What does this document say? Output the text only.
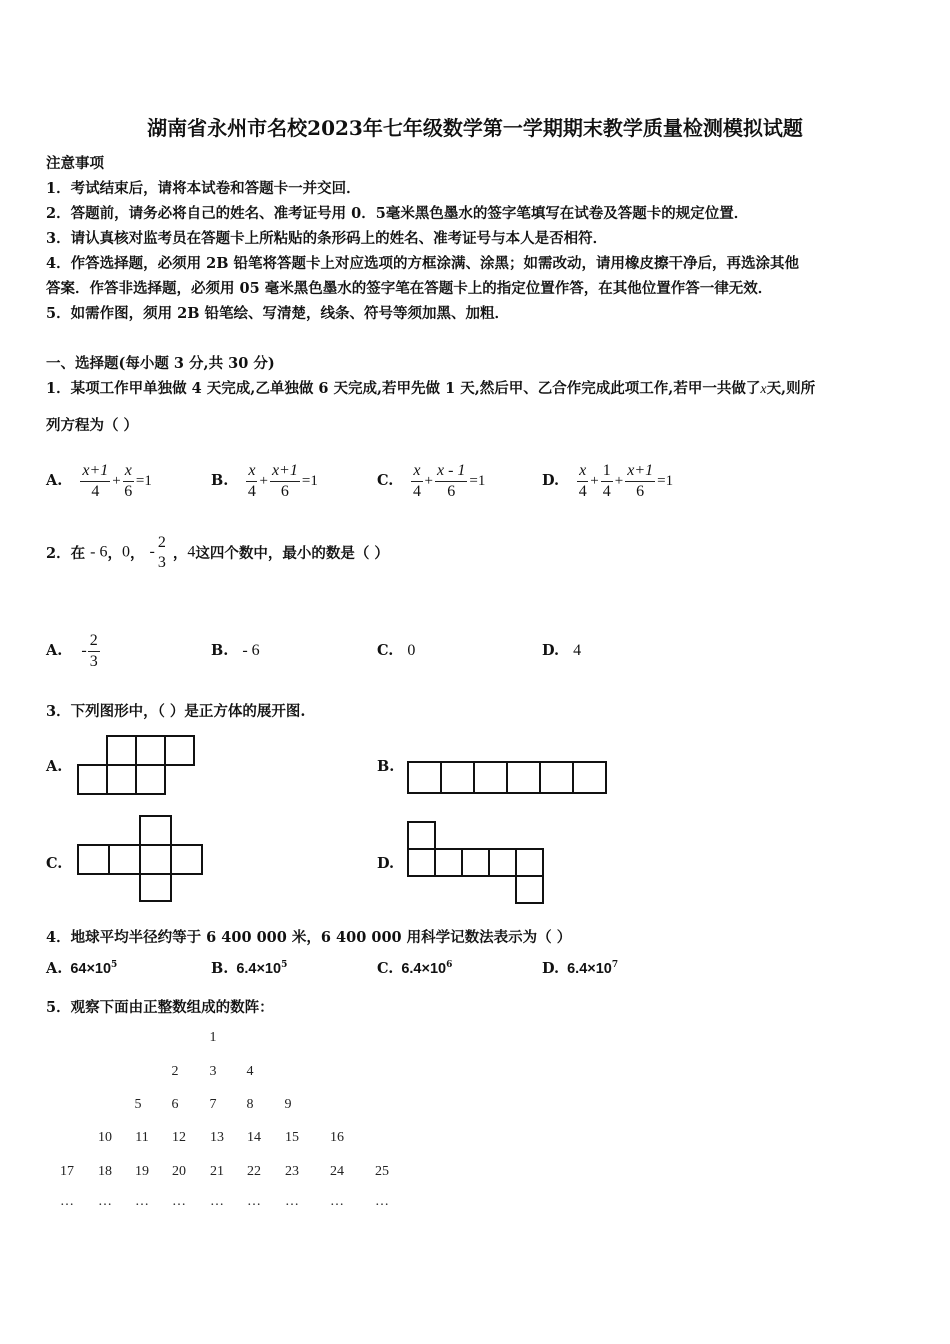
湖南省永州市名校2023年七年级数学第一学期期末教学质量检测模拟试题
注意事项
1．考试结束后，请将本试卷和答题卡一并交回．
2．答题前，请务必将自己的姓名、准考证号用 0．5毫米黑色墨水的签字笔填写在试卷及答题卡的规定位置．
3．请认真核对监考员在答题卡上所粘贴的条形码上的姓名、准考证号与本人是否相符．
4．作答选择题，必须用 2B 铅笔将答题卡上对应选项的方框涂满、涂黑；如需改动，请用橡皮擦干净后，再选涂其他
答案．作答非选择题，必须用 05 毫米黑色墨水的签字笔在答题卡上的指定位置作答，在其他位置作答一律无效．
5．如需作图，须用 2B 铅笔绘、写清楚，线条、符号等须加黑、加粗．
一、选择题(每小题 3 分,共 30 分)
1．某项工作甲单独做 4 天完成,乙单独做 6 天完成,若甲先做 1 天,然后甲、乙合作完成此项工作,若甲一共做了x天,则所
列方程为（ ）
A. $\frac{x+1}{4} + \frac{x}{6} =1$	B. $\frac{x}{4} + \frac{x+1}{6} =1$	C. $\frac{x}{4} + \frac{x - 1}{6} =1$	D. $\frac{x}{4} + \frac{1}{4} + \frac{x+1}{6} =1$
2．在 - 6，0， -
2
3 ，4这四个数中，最小的数是（ ）
A. - $\frac{2}{3}$	B. - 6	C. 0	D. 4
3．下列图形中，（ ）是正方体的展开图.
A.	B.
C.	D.
4．地球平均半径约等于 6 400 000 米，6 400 000 用科学记数法表示为（ ）
A. $64\times 10^5$	B. $6.4\times 10^5$	C. $6.4\times 10^6$	D. $6.4\times 10^7$
5．观察下面由正整数组成的数阵：
1
2	3	4
5	6	7	8	9
10	11	12	13	14	15	16
17	18	19	20	21	22	23	24	25
…	…	…	…	…	…	…	…	…
